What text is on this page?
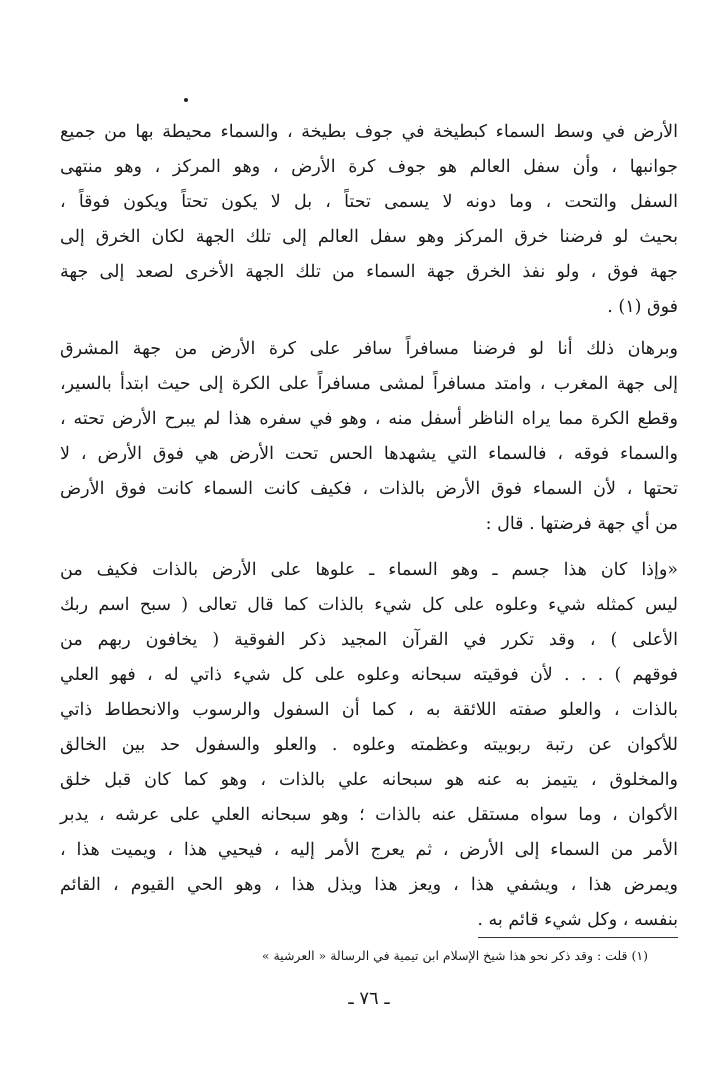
الأرض في وسط السماء كبطيخة في جوف بطيخة ، والسماء محيطة بها من جميع
جوانبها ، وأن سفل العالم هو جوف كرة الأرض ، وهو المركز ، وهو منتهى
السفل والتحت ، وما دونه لا يسمى تحتاً ، بل لا يكون تحتاً ويكون فوقاً ،
بحيث لو فرضنا خرق المركز وهو سفل العالم إلى تلك الجهة لكان الخرق إلى
جهة فوق ، ولو نفذ الخرق جهة السماء من تلك الجهة الأخرى لصعد إلى جهة
فوق (١) .

وبرهان ذلك أنا لو فرضنا مسافراً سافر على كرة الأرض من جهة المشرق
إلى جهة المغرب ، وامتد مسافراً لمشى مسافراً على الكرة إلى حيث ابتدأ بالسير،
وقطع الكرة مما يراه الناظر أسفل منه ، وهو في سفره هذا لم يبرح الأرض تحته ،
والسماء فوقه ، فالسماء التي يشهدها الحس تحت الأرض هي فوق الأرض ، لا
تحتها ، لأن السماء فوق الأرض بالذات ، فكيف كانت السماء كانت فوق الأرض
من أي جهة فرضتها . قال :

«وإذا كان هذا جسم ـ وهو السماء ـ علوها على الأرض بالذات فكيف من
ليس كمثله شيء وعلوه على كل شيء بالذات كما قال تعالى ( سبح اسم ربك
الأعلى ) ، وقد تكرر في القرآن المجيد ذكر الفوقية ( يخافون ربهم من
فوقهم ) . . . لأن فوقيته سبحانه وعلوه على كل شيء ذاتي له ، فهو العلي
بالذات ، والعلو صفته اللائقة به ، كما أن السفول والرسوب والانحطاط ذاتي
للأكوان عن رتبة ربوبيته وعظمته وعلوه . والعلو والسفول حد بين الخالق
والمخلوق ، يتيمز به عنه هو سبحانه علي بالذات ، وهو كما كان قبل خلق
الأكوان ، وما سواه مستقل عنه بالذات ؛ وهو سبحانه العلي على عرشه ، يدبر
الأمر من السماء إلى الأرض ، ثم يعرج الأمر إليه ، فيحيي هذا ، ويميت هذا ،
ويمرض هذا ، ويشفي هذا ، ويعز هذا ويذل هذا ، وهو الحي القيوم ، القائم
بنفسه ، وكل شيء قائم به .

(١) قلت : وقد ذكر نحو هذا شيخ الإسلام ابن تيمية في الرسالة « العرشية »
ـ ٧٦ ـ
